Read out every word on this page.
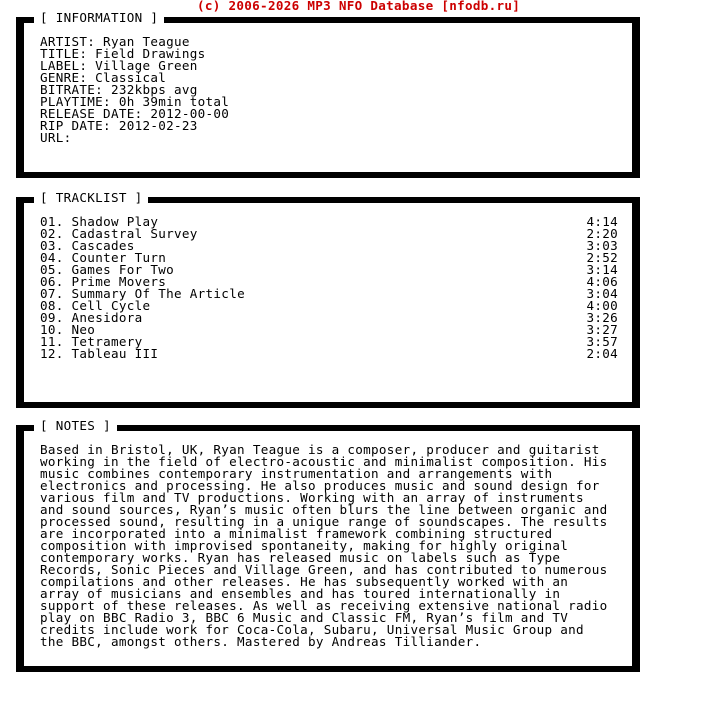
(c) 2006-2026 MP3 NFO Database [nfodb.ru]
[ INFORMATION ]
ARTIST: Ryan Teague
TITLE: Field Drawings
LABEL: Village Green
GENRE: Classical
BITRATE: 232kbps avg
PLAYTIME: 0h 39min total
RELEASE DATE: 2012-00-00
RIP DATE: 2012-02-23
URL:
[ TRACKLIST ]
01. Shadow Play	4:14
02. Cadastral Survey	2:20
03. Cascades	3:03
04. Counter Turn	2:52
05. Games For Two	3:14
06. Prime Movers	4:06
07. Summary Of The Article	3:04
08. Cell Cycle	4:00
09. Anesidora	3:26
10. Neo	3:27
11. Tetramery	3:57
12. Tableau III	2:04
[ NOTES ]
Based in Bristol, UK, Ryan Teague is a composer, producer and guitarist
working in the field of electro-acoustic and minimalist composition. His
music combines contemporary instrumentation and arrangements with
electronics and processing. He also produces music and sound design for
various film and TV productions. Working with an array of instruments
and sound sources, Ryan’s music often blurs the line between organic and
processed sound, resulting in a unique range of soundscapes. The results
are incorporated into a minimalist framework combining structured
composition with improvised spontaneity, making for highly original
contemporary works. Ryan has released music on labels such as Type
Records, Sonic Pieces and Village Green, and has contributed to numerous
compilations and other releases. He has subsequently worked with an
array of musicians and ensembles and has toured internationally in
support of these releases. As well as receiving extensive national radio
play on BBC Radio 3, BBC 6 Music and Classic FM, Ryan’s film and TV
credits include work for Coca-Cola, Subaru, Universal Music Group and
the BBC, amongst others. Mastered by Andreas Tilliander.
